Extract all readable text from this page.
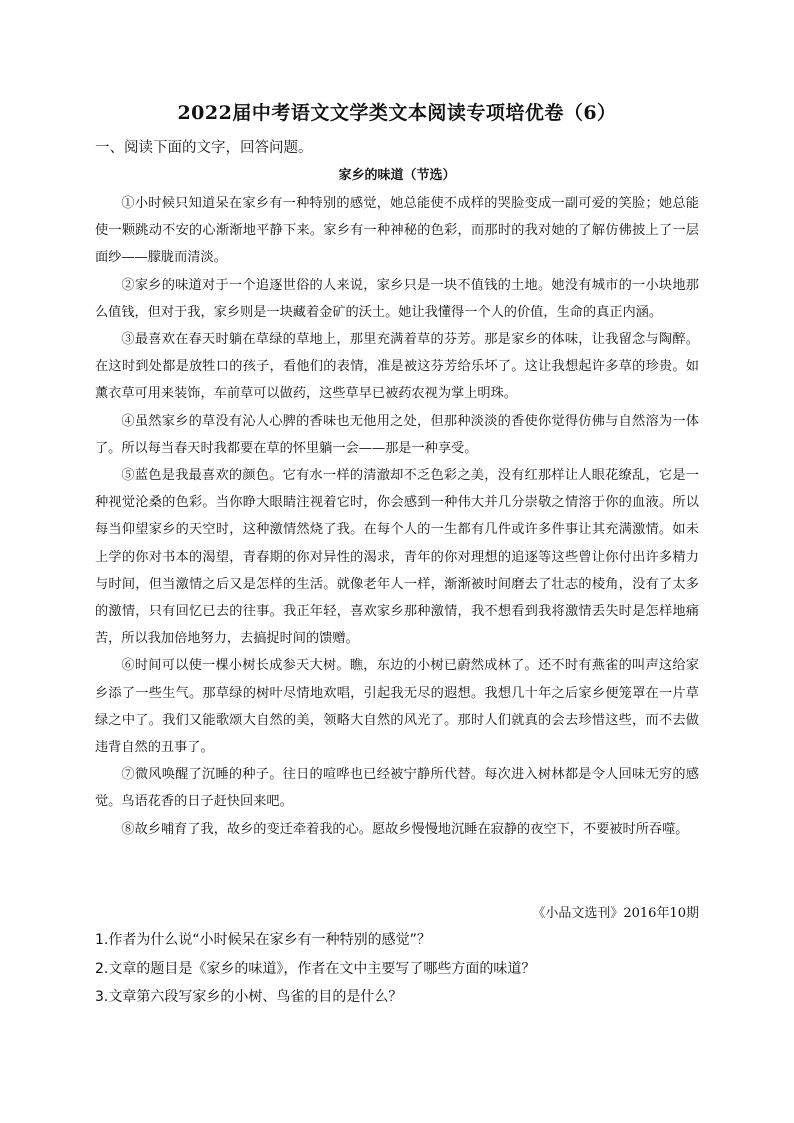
2022届中考语文文学类文本阅读专项培优卷（6）
一、阅读下面的文字，回答问题。
家乡的味道（节选）

①小时候只知道呆在家乡有一种特别的感觉，她总能使不成样的哭脸变成一副可爱的笑脸；她总能使一颗跳动不安的心渐渐地平静下来。家乡有一种神秘的色彩，而那时的我对她的了解仿佛披上了一层面纱——朦胧而清淡。

②家乡的味道对于一个追逐世俗的人来说，家乡只是一块不值钱的土地。她没有城市的一小块地那么值钱，但对于我，家乡则是一块藏着金矿的沃土。她让我懂得一个人的价值，生命的真正内涵。

③最喜欢在春天时躺在草绿的草地上，那里充满着草的芬芳。那是家乡的体味，让我留念与陶醉。在这时到处都是放牲口的孩子，看他们的表情，准是被这芬芳给乐坏了。这让我想起许多草的珍贵。如薰衣草可用来装饰，车前草可以做药，这些草早已被药农视为掌上明珠。

④虽然家乡的草没有沁人心脾的香味也无他用之处，但那种淡淡的香使你觉得仿佛与自然溶为一体了。所以每当春天时我都要在草的怀里躺一会——那是一种享受。

⑤蓝色是我最喜欢的颜色。它有水一样的清澈却不乏色彩之美，没有红那样让人眼花缭乱，它是一种视觉沦桑的色彩。当你睁大眼睛注视着它时，你会感到一种伟大并几分崇敬之情溶于你的血液。所以每当仰望家乡的天空时，这种激情然烧了我。在每个人的一生都有几件或许多件事让其充满激情。如未上学的你对书本的渴望，青春期的你对异性的渴求，青年的你对理想的追逐等这些曾让你付出许多精力与时间，但当激情之后又是怎样的生活。就像老年人一样，渐渐被时间磨去了壮志的棱角，没有了太多的激情，只有回忆已去的往事。我正年轻，喜欢家乡那种激情，我不想看到我将激情丢失时是怎样地痛苦，所以我加倍地努力，去搞捉时间的馈赠。

⑥时间可以使一棵小树长成参天大树。瞧，东边的小树已蔚然成林了。还不时有燕雀的叫声这给家乡添了一些生气。那草绿的树叶尽情地欢唱，引起我无尽的遐想。我想几十年之后家乡便笼罩在一片草绿之中了。我们又能歌颂大自然的美，领略大自然的风光了。那时人们就真的会去珍惜这些，而不去做违背自然的丑事了。

⑦微风唤醒了沉睡的种子。往日的喧哗也已经被宁静所代替。每次进入树林都是令人回味无穷的感觉。鸟语花香的日子赶快回来吧。

⑧故乡哺育了我，故乡的变迁牵着我的心。愿故乡慢慢地沉睡在寂静的夜空下，不要被时所吞噬。

《小品文选刊》2016年10期
1.作者为什么说“小时候呆在家乡有一种特别的感觉”？
2.文章的题目是《家乡的味道》，作者在文中主要写了哪些方面的味道？
3.文章第六段写家乡的小树、鸟雀的目的是什么？
